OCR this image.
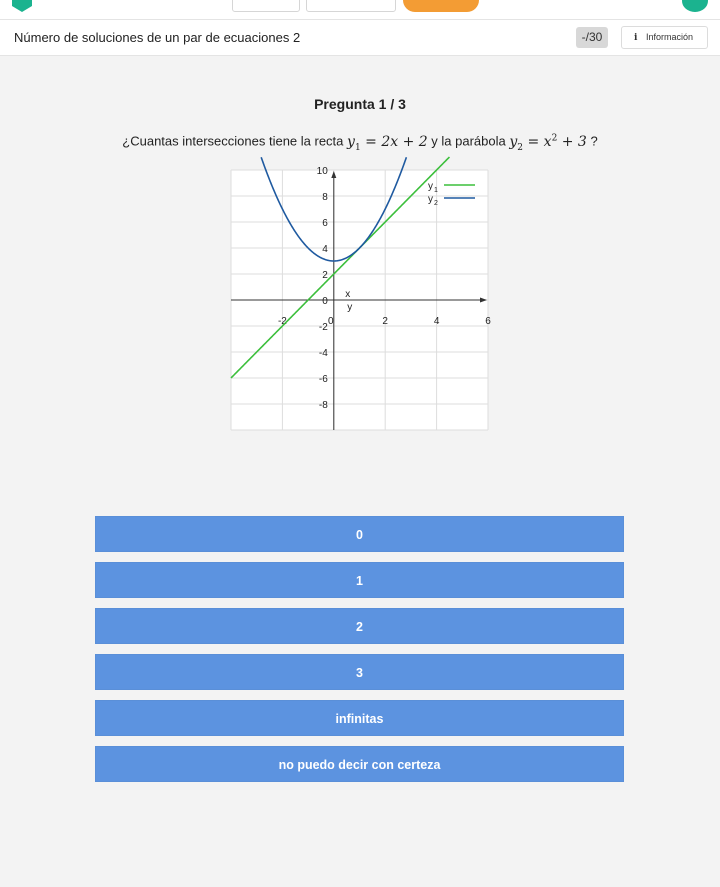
Número de soluciones de un par de ecuaciones 2	-/30	i Información
Pregunta 1 / 3
¿Cuantas intersecciones tiene la recta $y_1 = 2x + 2$ y la parábola $y_2 = x^2 + 3$ ?
-2	0	2	4	6
-8
-6
-4
-2
0
2
4
6
8
10
x
y
y 1
y 2
0
1
2
3
infinitas
no puedo decir con certeza
